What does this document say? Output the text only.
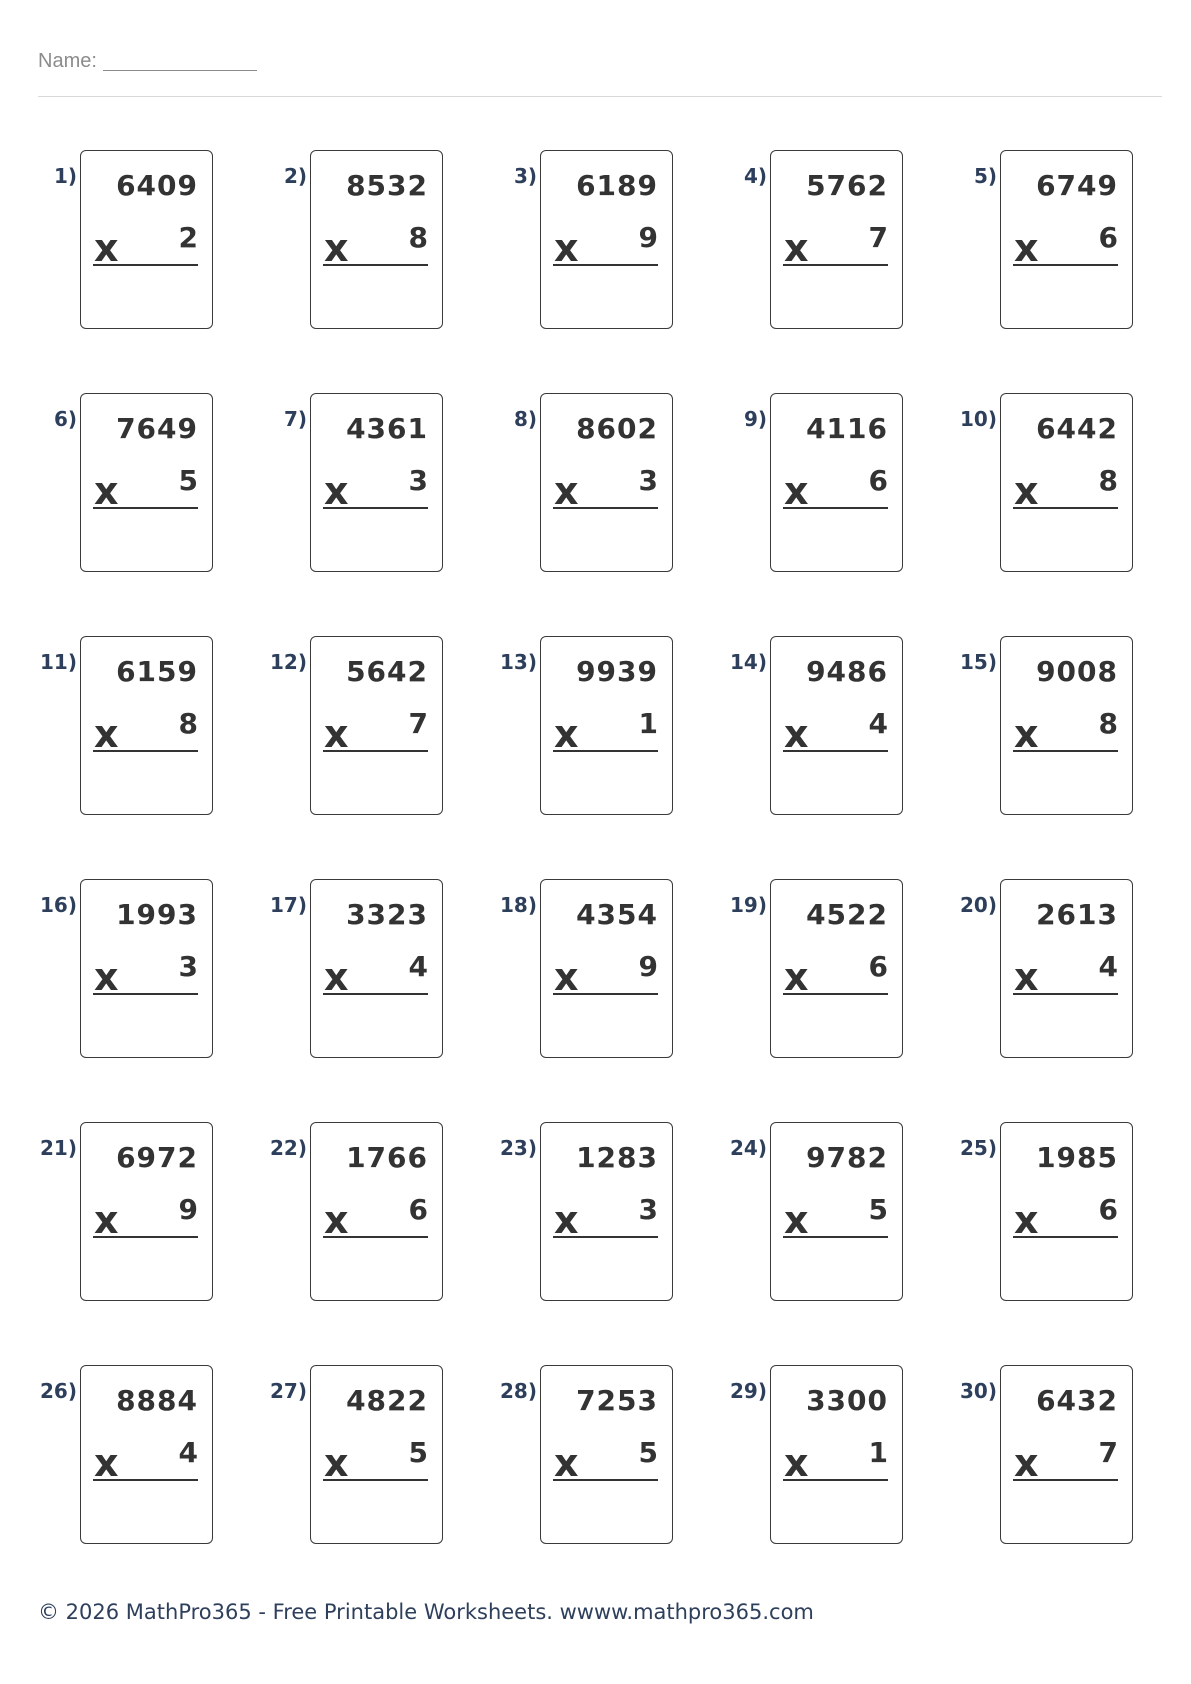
Name:
1) 6409
2
x
2) 8532
8
x
3) 6189
9
x
4) 5762
7
x
5) 6749
6
x
6) 7649
5
x
7) 4361
3
x
8) 8602
3
x
9) 4116
6
x
10) 6442
8
x
11) 6159
8
x
12) 5642
7
x
13) 9939
1
x
14) 9486
4
x
15) 9008
8
x
16) 1993
3
x
17) 3323
4
x
18) 4354
9
x
19) 4522
6
x
20) 2613
4
x
21) 6972
9
x
22) 1766
6
x
23) 1283
3
x
24) 9782
5
x
25) 1985
6
x
26) 8884
4
x
27) 4822
5
x
28) 7253
5
x
29) 3300
1
x
30) 6432
7
x
© 2026 MathPro365 - Free Printable Worksheets. wwww.mathpro365.com
